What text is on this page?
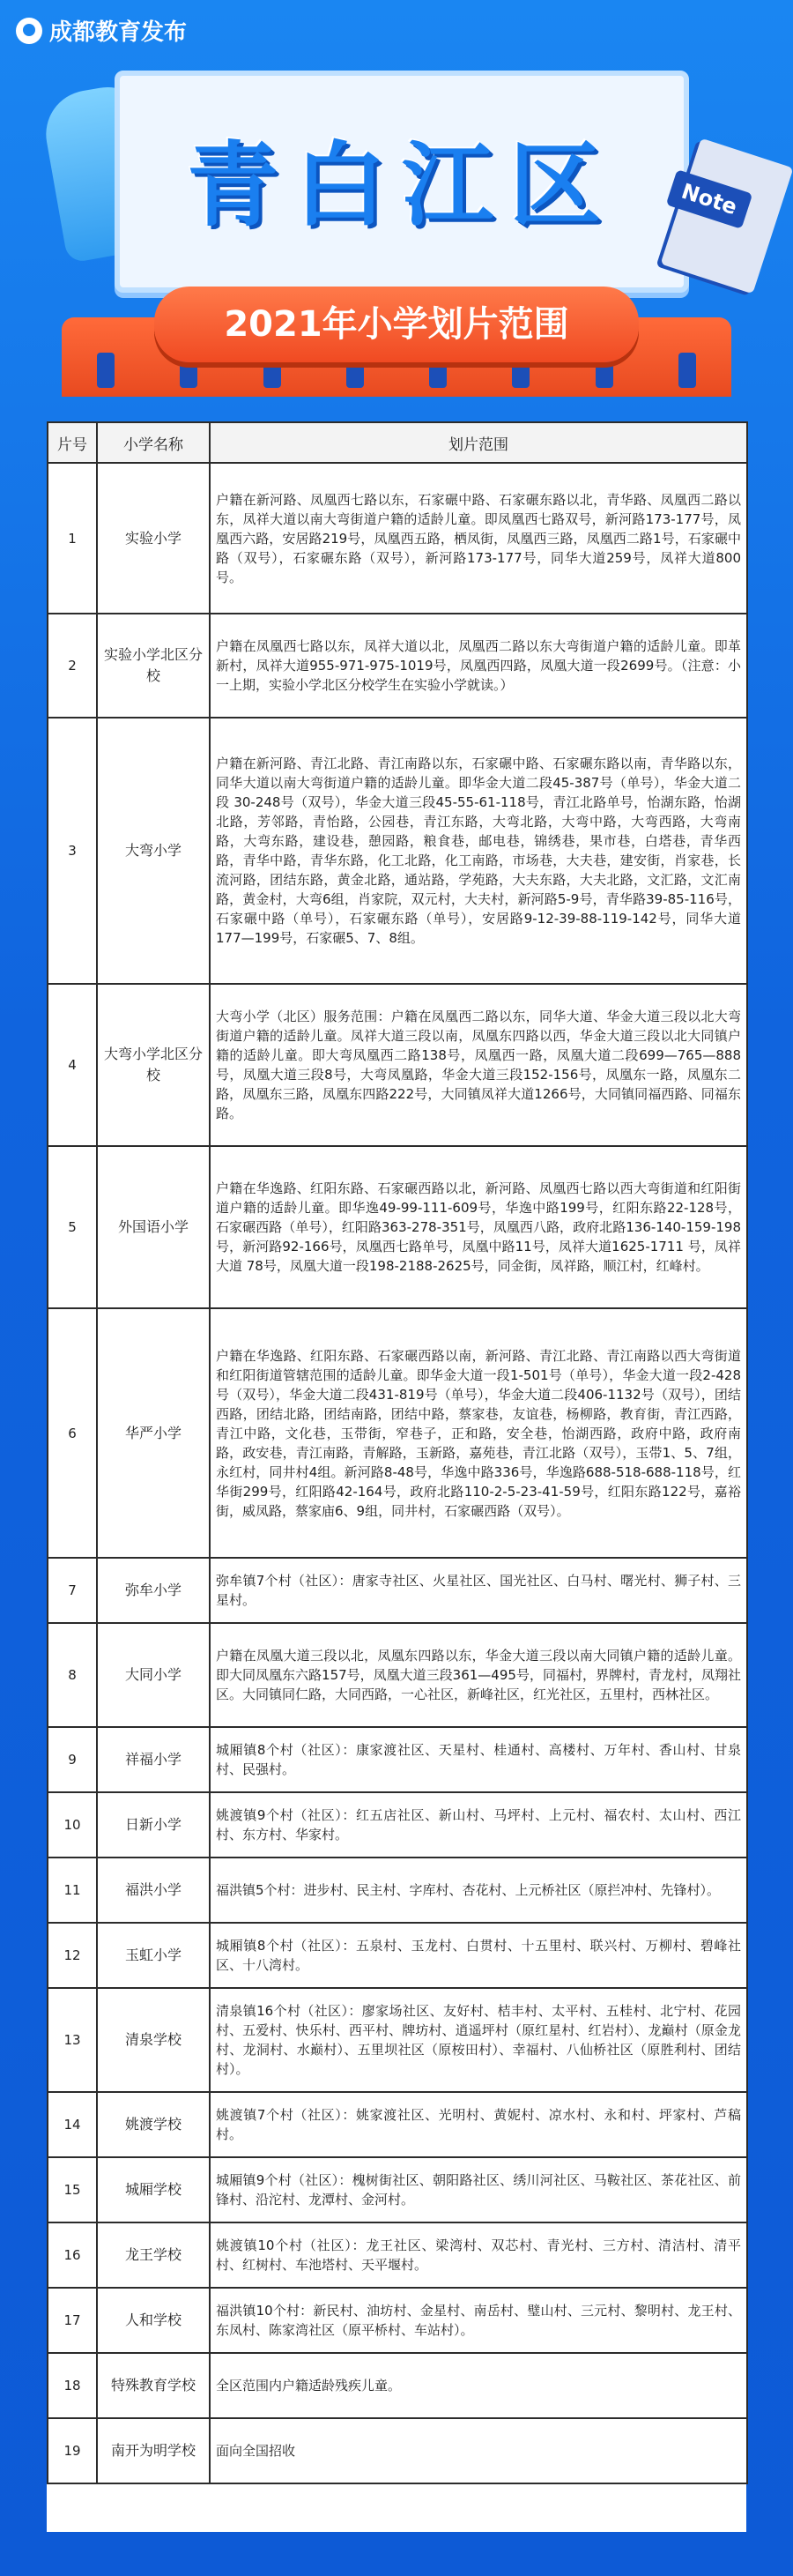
成都教育发布
青白江区	Note
2021年小学划片范围
片号	小学名称	划片范围
1	实验小学	户籍在新河路、凤凰西七路以东，石家碾中路、石家碾东路以北，青华路、凤凰西二路以东，凤祥大道以南大弯街道户籍的适龄儿童。即凤凰西七路双号，新河路173-177号，凤凰西六路，安居路219号，凤凰西五路，栖凤街，凤凰西三路，凤凰西二路1号，石家碾中路（双号），石家碾东路（双号），新河路173-177号，同华大道259号，凤祥大道800号。
2	实验小学北区分校	户籍在凤凰西七路以东，凤祥大道以北，凤凰西二路以东大弯街道户籍的适龄儿童。即革新村，凤祥大道955-971-975-1019号，凤凰西四路，凤凰大道一段2699号。（注意：小一上期，实验小学北区分校学生在实验小学就读。）
3	大弯小学	户籍在新河路、青江北路、青江南路以东，石家碾中路、石家碾东路以南，青华路以东，同华大道以南大弯街道户籍的适龄儿童。即华金大道二段45-387号（单号），华金大道二段 30-248号（双号），华金大道三段45-55-61-118号，青江北路单号，怡湖东路，怡湖北路，芳邻路，青怡路，公园巷，青江东路，大弯北路，大弯中路，大弯西路，大弯南路，大弯东路，建设巷，憩园路，粮食巷，邮电巷，锦绣巷，果市巷，白塔巷，青华西路，青华中路，青华东路，化工北路，化工南路，市场巷，大夫巷，建安街，肖家巷，长流河路，团结东路，黄金北路，通站路，学苑路，大夫东路，大夫北路，文汇路，文汇南路，黄金村，大弯6组，肖家院，双元村，大夫村，新河路5-9号，青华路39-85-116号，石家碾中路（单号），石家碾东路（单号），安居路9-12-39-88-119-142号，同华大道177—199号，石家碾5、7、8组。
4	大弯小学北区分校	大弯小学（北区）服务范围：户籍在凤凰西二路以东，同华大道、华金大道三段以北大弯街道户籍的适龄儿童。凤祥大道三段以南，凤凰东四路以西，华金大道三段以北大同镇户籍的适龄儿童。即大弯凤凰西二路138号，凤凰西一路，凤凰大道二段699—765—888号，凤凰大道三段8号，大弯凤凰路，华金大道三段152-156号，凤凰东一路，凤凰东二路，凤凰东三路，凤凰东四路222号，大同镇凤祥大道1266号，大同镇同福西路、同福东路。
5	外国语小学	户籍在华逸路、红阳东路、石家碾西路以北，新河路、凤凰西七路以西大弯街道和红阳街道户籍的适龄儿童。即华逸49-99-111-609号，华逸中路199号，红阳东路22-128号，石家碾西路（单号），红阳路363-278-351号，凤凰西八路，政府北路136-140-159-198号，新河路92-166号，凤凰西七路单号，凤凰中路11号，凤祥大道1625-1711 号，凤祥大道 78号，凤凰大道一段198-2188-2625号，同金街，凤祥路，顺江村，红峰村。
6	华严小学	户籍在华逸路、红阳东路、石家碾西路以南，新河路、青江北路、青江南路以西大弯街道和红阳街道管辖范围的适龄儿童。即华金大道一段1-501号（单号），华金大道一段2-428号（双号），华金大道二段431-819号（单号），华金大道二段406-1132号（双号），团结西路，团结北路，团结南路，团结中路，蔡家巷，友谊巷，杨柳路，教育街，青江西路，青江中路，文化巷，玉带街，窄巷子，正和路，安全巷，怡湖西路，政府中路，政府南路，政安巷，青江南路，青解路，玉新路，嘉苑巷，青江北路（双号），玉带1、5、7组，永红村，同井村4组。新河路8-48号，华逸中路336号，华逸路688-518-688-118号，红华街299号，红阳路42-164号，政府北路110-2-5-23-41-59号，红阳东路122号，嘉裕街，威凤路，蔡家庙6、9组，同井村，石家碾西路（双号）。
7	弥牟小学	弥牟镇7个村（社区）：唐家寺社区、火星社区、国光社区、白马村、曙光村、狮子村、三星村。
8	大同小学	户籍在凤凰大道三段以北，凤凰东四路以东，华金大道三段以南大同镇户籍的适龄儿童。即大同凤凰东六路157号，凤凰大道三段361—495号，同福村，界牌村，青龙村，凤翔社区。大同镇同仁路，大同西路，一心社区，新峰社区，红光社区，五里村，西林社区。
9	祥福小学	城厢镇8个村（社区）：康家渡社区、天星村、桂通村、高楼村、万年村、香山村、甘泉村、民强村。
10	日新小学	姚渡镇9个村（社区）：红五店社区、新山村、马坪村、上元村、福农村、太山村、西江村、东方村、华家村。
11	福洪小学	福洪镇5个村：进步村、民主村、字库村、杏花村、上元桥社区（原拦冲村、先锋村）。
12	玉虹小学	城厢镇8个村（社区）：五泉村、玉龙村、白贯村、十五里村、联兴村、万柳村、碧峰社区、十八湾村。
13	清泉学校	清泉镇16个村（社区）：廖家场社区、友好村、桔丰村、太平村、五桂村、北宁村、花园村、五爱村、快乐村、西平村、牌坊村、逍遥坪村（原红星村、红岩村）、龙巅村（原金龙村、龙洞村、水巅村）、五里坝社区（原桉田村）、幸福村、八仙桥社区（原胜利村、团结村）。
14	姚渡学校	姚渡镇7个村（社区）：姚家渡社区、光明村、黄妮村、凉水村、永和村、坪家村、芦稿村。
15	城厢学校	城厢镇9个村（社区）：槐树街社区、朝阳路社区、绣川河社区、马鞍社区、茶花社区、前锋村、沿沱村、龙潭村、金河村。
16	龙王学校	姚渡镇10个村（社区）：龙王社区、梁湾村、双芯村、青光村、三方村、清洁村、清平村、红树村、车池塔村、天平堰村。
17	人和学校	福洪镇10个村：新民村、油坊村、金星村、南岳村、璧山村、三元村、黎明村、龙王村、东凤村、陈家湾社区（原平桥村、车站村）。
18	特殊教育学校	全区范围内户籍适龄残疾儿童。
19	南开为明学校	面向全国招收
